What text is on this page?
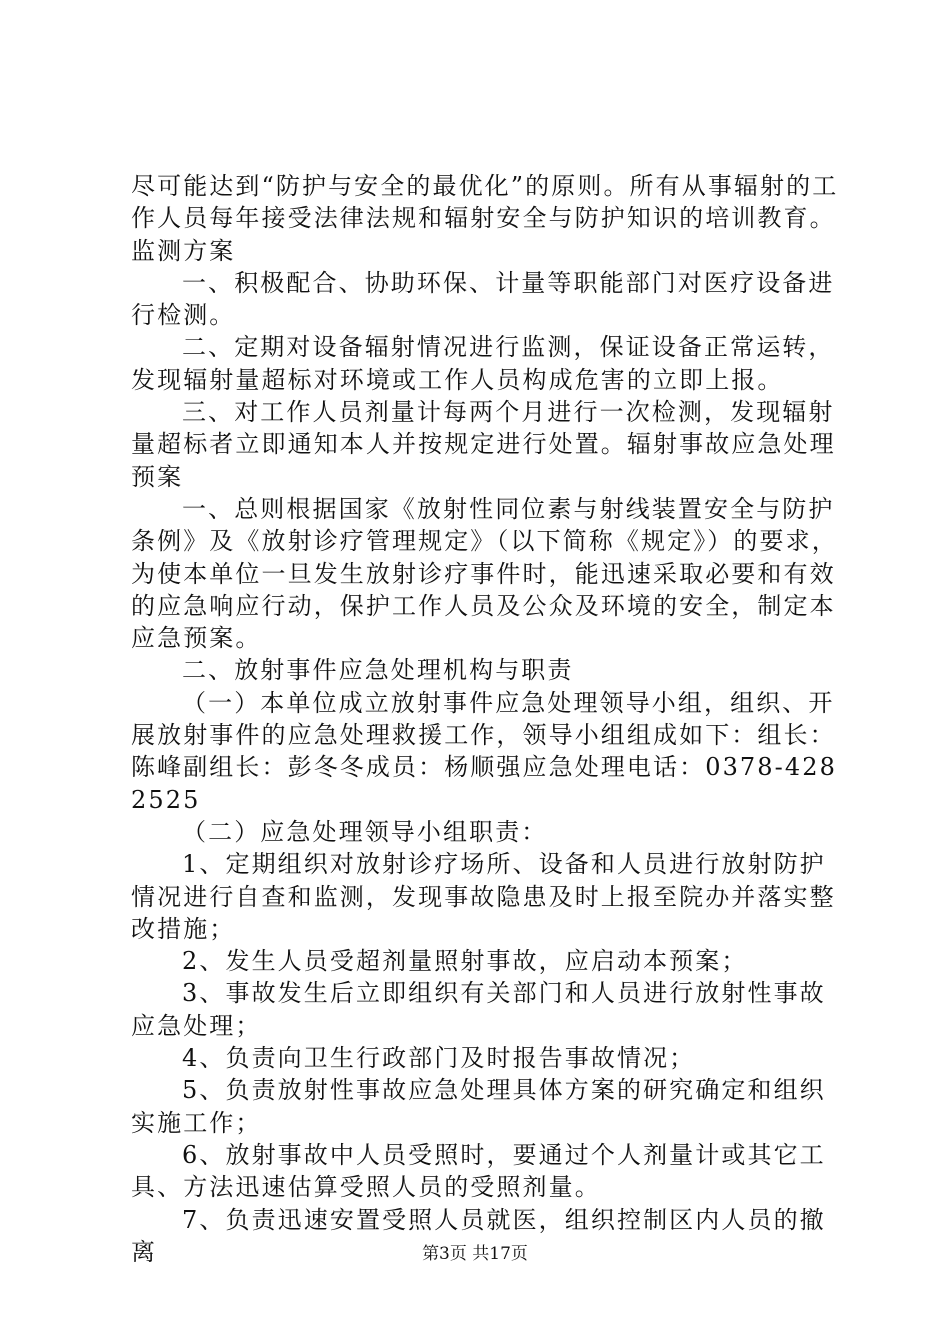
尽可能达到“防护与安全的最优化”的原则。所有从事辐射的工作人员每年接受法律法规和辐射安全与防护知识的培训教育。监测方案

一、积极配合、协助环保、计量等职能部门对医疗设备进行检测。

二、定期对设备辐射情况进行监测，保证设备正常运转，发现辐射量超标对环境或工作人员构成危害的立即上报。

三、对工作人员剂量计每两个月进行一次检测，发现辐射量超标者立即通知本人并按规定进行处置。辐射事故应急处理预案

一、总则根据国家《放射性同位素与射线装置安全与防护条例》及《放射诊疗管理规定》（以下简称《规定》）的要求，为使本单位一旦发生放射诊疗事件时，能迅速采取必要和有效的应急响应行动，保护工作人员及公众及环境的安全，制定本应急预案。

二、放射事件应急处理机构与职责

（一）本单位成立放射事件应急处理领导小组，组织、开展放射事件的应急处理救援工作，领导小组组成如下：组长：陈峰副组长：彭冬冬成员：杨顺强应急处理电话：0378-4282525

（二）应急处理领导小组职责：

1、定期组织对放射诊疗场所、设备和人员进行放射防护情况进行自查和监测，发现事故隐患及时上报至院办并落实整改措施；

2、发生人员受超剂量照射事故，应启动本预案；

3、事故发生后立即组织有关部门和人员进行放射性事故应急处理；

4、负责向卫生行政部门及时报告事故情况；

5、负责放射性事故应急处理具体方案的研究确定和组织实施工作；

6、放射事故中人员受照时，要通过个人剂量计或其它工具、方法迅速估算受照人员的受照剂量。

7、负责迅速安置受照人员就医，组织控制区内人员的撤离	第3页 共17页
